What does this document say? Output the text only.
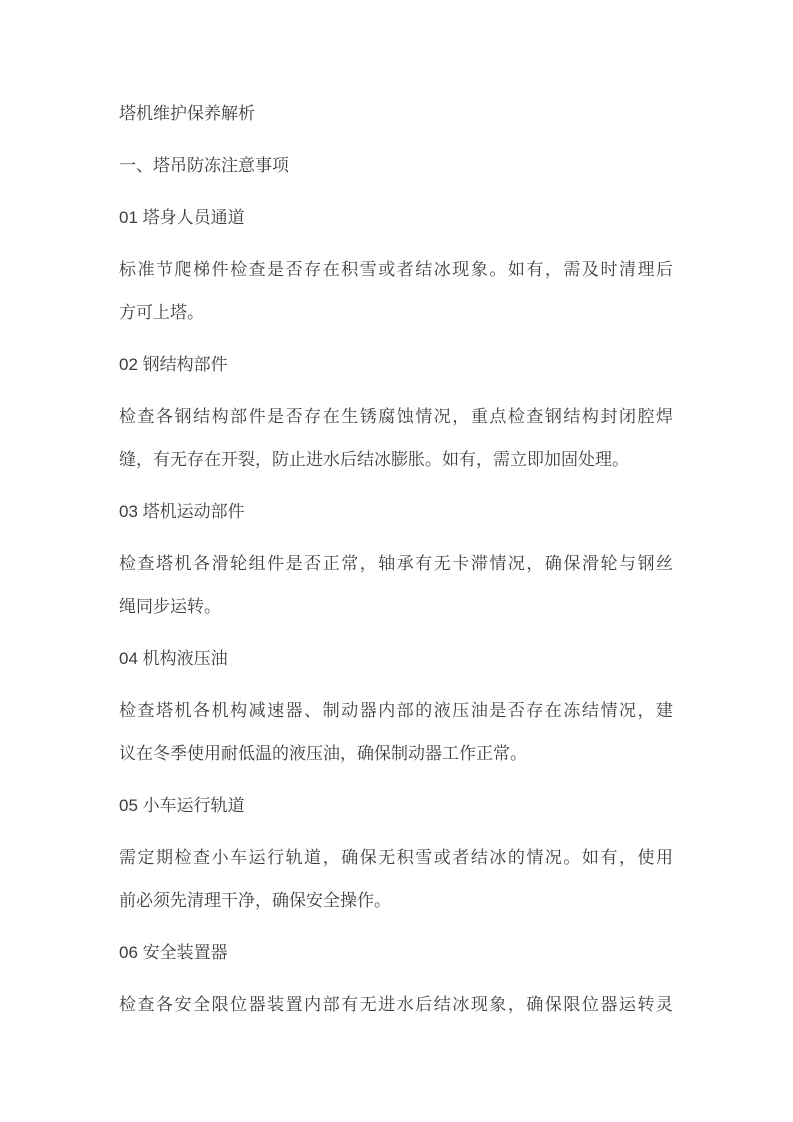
塔机维护保养解析
一、塔吊防冻注意事项
01 塔身人员通道
标准节爬梯件检查是否存在积雪或者结冰现象。如有，需及时清理后
方可上塔。
02 钢结构部件
检查各钢结构部件是否存在生锈腐蚀情况，重点检查钢结构封闭腔焊
缝，有无存在开裂，防止进水后结冰膨胀。如有，需立即加固处理。
03 塔机运动部件
检查塔机各滑轮组件是否正常，轴承有无卡滞情况，确保滑轮与钢丝
绳同步运转。
04 机构液压油
检查塔机各机构减速器、制动器内部的液压油是否存在冻结情况，建
议在冬季使用耐低温的液压油，确保制动器工作正常。
05 小车运行轨道
需定期检查小车运行轨道，确保无积雪或者结冰的情况。如有，使用
前必须先清理干净，确保安全操作。
06 安全装置器
检查各安全限位器装置内部有无进水后结冰现象，确保限位器运转灵
